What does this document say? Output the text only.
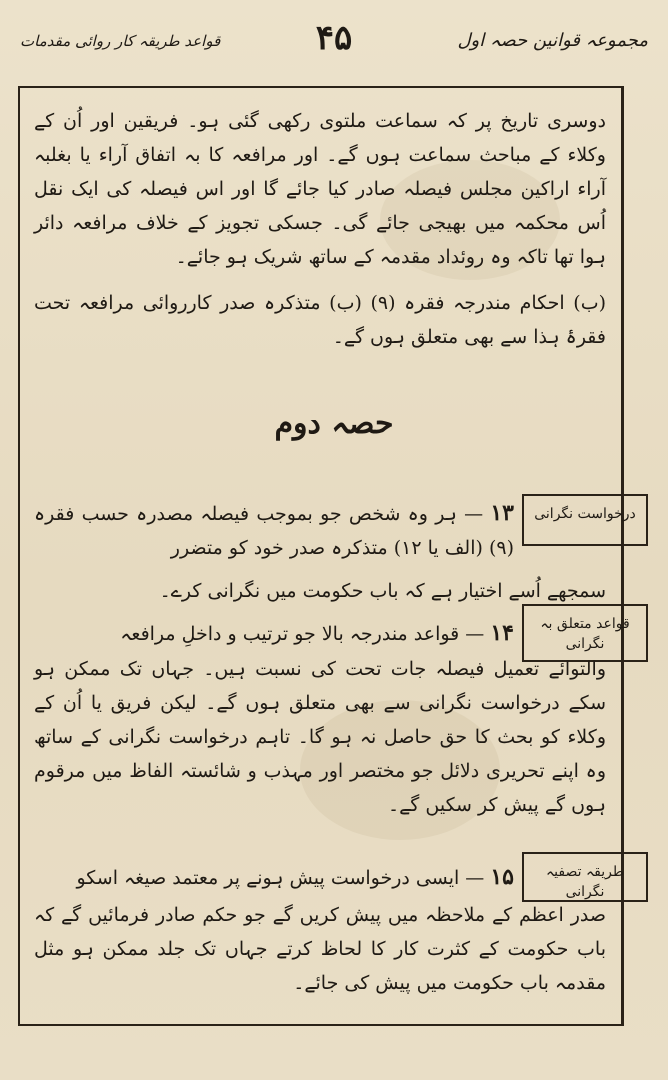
مجموعہ قوانین حصہ اول
۴۵
قواعد طریقہ کار روائی مقدمات
دوسری تاریخ پر کہ سماعت ملتوی رکھی گئی ہو۔ فریقین اور اُن کے وکلاء کے مباحث سماعت ہوں گے۔ اور مرافعہ کا بہ اتفاق آراء یا بغلبہ آراء اراکین مجلس فیصلہ صادر کیا جائے گا اور اس فیصلہ کی ایک نقل اُس محکمہ میں بھیجی جائے گی۔ جسکی تجویز کے خلاف مرافعہ دائر ہوا تھا تاکہ وہ روئداد مقدمہ کے ساتھ شریک ہو جائے۔
(ب) احکام مندرجہ فقرہ (۹) (ب) متذکرہ صدر کارروائی مرافعہ تحت فقرۂ ہذا سے بھی متعلق ہوں گے۔
حصہ دوم
درخواست نگرانی
۱۳ — ہر وہ شخص جو بموجب فیصلہ مصدرہ حسب فقرہ (۹) (الف یا ۱۲) متذکرہ صدر خود کو متضرر
سمجھے اُسے اختیار ہے کہ باب حکومت میں نگرانی کرے۔
قواعد متعلق بہ نگرانی
۱۴ — قواعد مندرجہ بالا جو ترتیب و داخلِ مرافعہ
والتوائے تعمیل فیصلہ جات تحت کی نسبت ہیں۔ جہاں تک ممکن ہو سکے درخواست نگرانی سے بھی متعلق ہوں گے۔ لیکن فریق یا اُن کے وکلاء کو بحث کا حق حاصل نہ ہو گا۔ تاہم درخواست نگرانی کے ساتھ وہ اپنے تحریری دلائل جو مختصر اور مہذب و شائستہ الفاظ میں مرقوم ہوں گے پیش کر سکیں گے۔
طریقہ تصفیہ نگرانی
۱۵ — ایسی درخواست پیش ہونے پر معتمد صیغہ اسکو
صدر اعظم کے ملاحظہ میں پیش کریں گے جو حکم صادر فرمائیں گے کہ باب حکومت کے کثرت کار کا لحاظ کرتے جہاں تک جلد ممکن ہو مثل مقدمہ باب حکومت میں پیش کی جائے۔
